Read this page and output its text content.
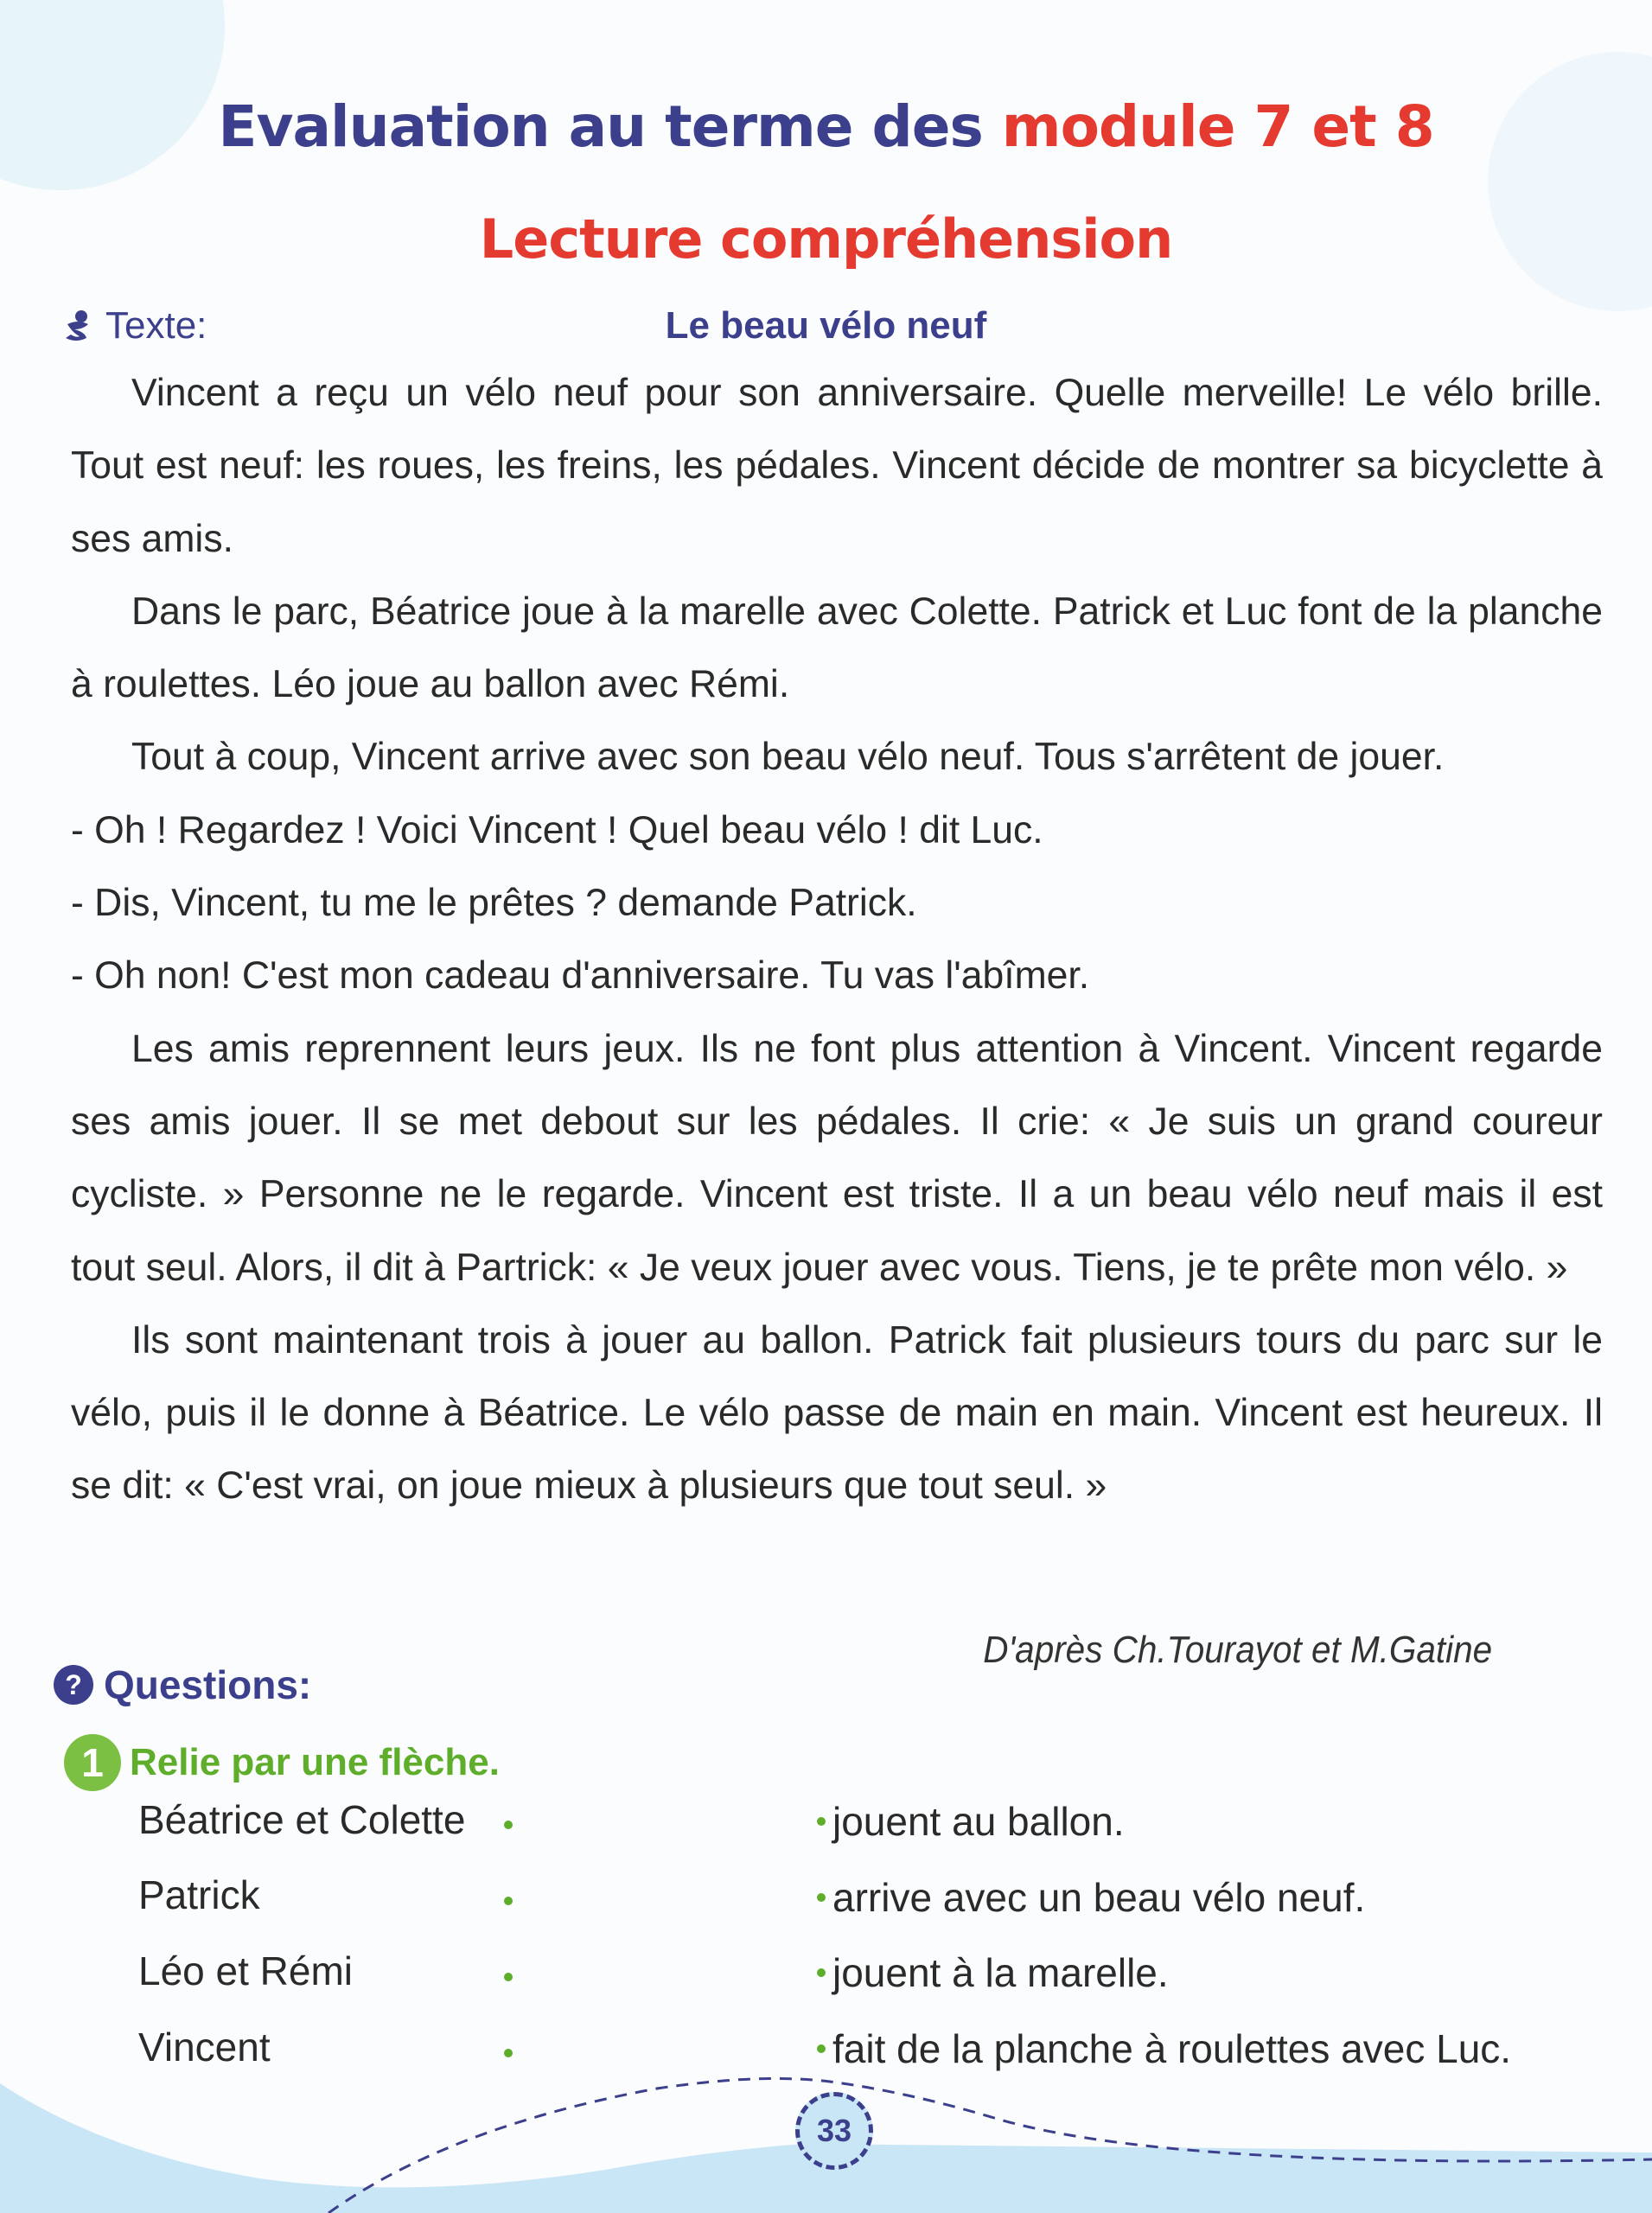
Evaluation au terme des module 7 et 8
Lecture compréhension
Texte:	Le beau vélo neuf

Vincent a reçu un vélo neuf pour son anniversaire. Quelle merveille! Le vélo brille. Tout est neuf: les roues, les freins, les pédales. Vincent décide de montrer sa bicyclette à ses amis.

Dans le parc, Béatrice joue à la marelle avec Colette. Patrick et Luc font de la planche à roulettes. Léo joue au ballon avec Rémi.

Tout à coup, Vincent arrive avec son beau vélo neuf. Tous s'arrêtent de jouer.

- Oh ! Regardez ! Voici Vincent ! Quel beau vélo ! dit Luc.

- Dis, Vincent, tu me le prêtes ? demande Patrick.

- Oh non! C'est mon cadeau d'anniversaire. Tu vas l'abîmer.

Les amis reprennent leurs jeux. Ils ne font plus attention à Vincent. Vincent regarde ses amis jouer. Il se met debout sur les pédales. Il crie: « Je suis un grand coureur cycliste. » Personne ne le regarde. Vincent est triste. Il a un beau vélo neuf mais il est tout seul. Alors, il dit à Partrick: « Je veux jouer avec vous. Tiens, je te prête mon vélo. »

Ils sont maintenant trois à jouer au ballon. Patrick fait plusieurs tours du parc sur le vélo, puis il le donne à Béatrice. Le vélo passe de main en main. Vincent est heureux. Il se dit: « C'est vrai, on joue mieux à plusieurs que tout seul. »

D'après Ch.Tourayot et M.Gatine
? Questions:
1 Relie par une flèche.
Béatrice et Colette
Patrick
Léo et Rémi
Vincent
jouent au ballon.
arrive avec un beau vélo neuf.
jouent à la marelle.
fait de la planche à roulettes avec Luc.
33
